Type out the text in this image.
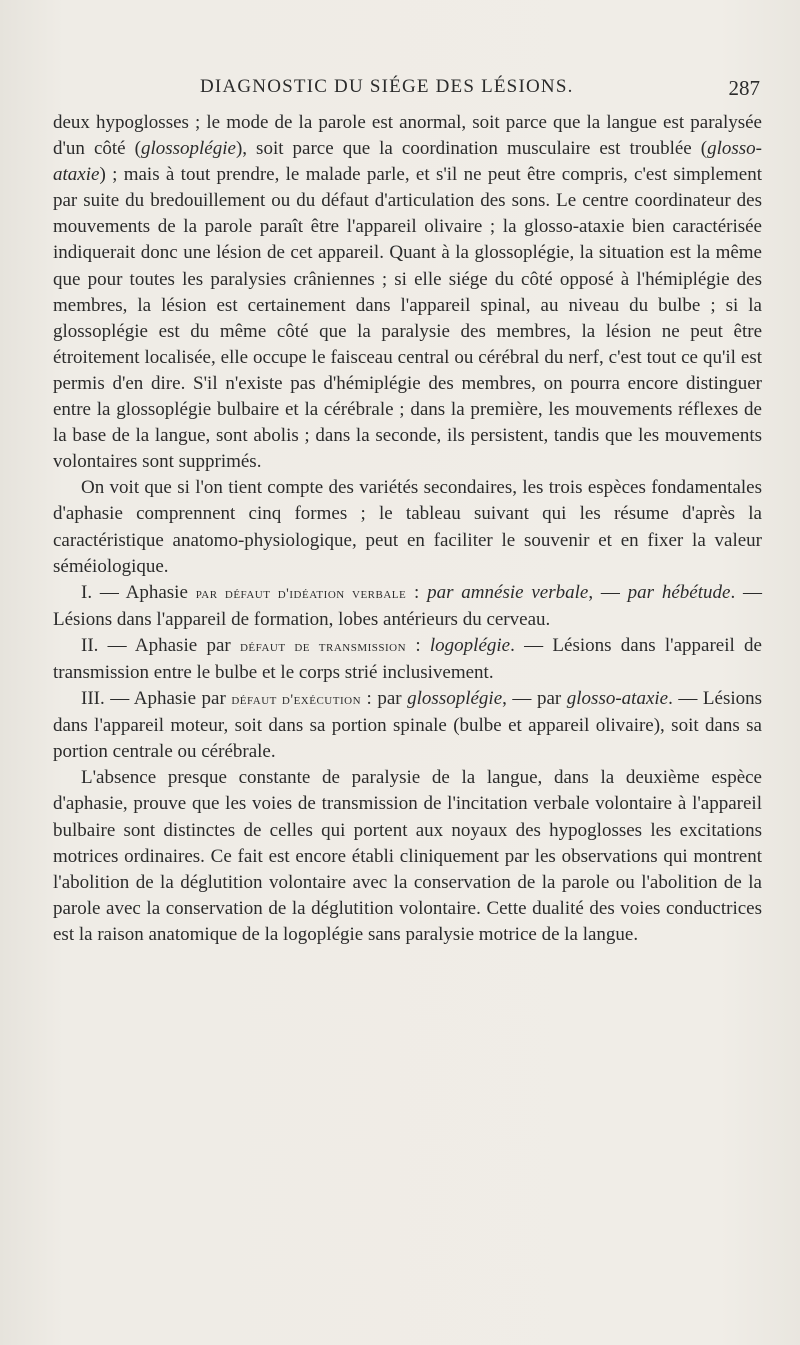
DIAGNOSTIC DU SIÉGE DES LÉSIONS.	287

deux hypoglosses ; le mode de la parole est anormal, soit parce que la langue est paralysée d'un côté (glossoplégie), soit parce que la coordination musculaire est troublée (glosso-ataxie) ; mais à tout prendre, le malade parle, et s'il ne peut être compris, c'est simplement par suite du bredouillement ou du défaut d'articulation des sons. Le centre coordinateur des mouvements de la parole paraît être l'appareil olivaire ; la glosso-ataxie bien caractérisée indiquerait donc une lésion de cet appareil. Quant à la glossoplégie, la situation est la même que pour toutes les paralysies crâniennes ; si elle siége du côté opposé à l'hémiplégie des membres, la lésion est certainement dans l'appareil spinal, au niveau du bulbe ; si la glossoplégie est du même côté que la paralysie des membres, la lésion ne peut être étroitement localisée, elle occupe le faisceau central ou cérébral du nerf, c'est tout ce qu'il est permis d'en dire. S'il n'existe pas d'hémiplégie des membres, on pourra encore distinguer entre la glossoplégie bulbaire et la cérébrale ; dans la première, les mouvements réflexes de la base de la langue, sont abolis ; dans la seconde, ils persistent, tandis que les mouvements volontaires sont supprimés.

On voit que si l'on tient compte des variétés secondaires, les trois espèces fondamentales d'aphasie comprennent cinq formes ; le tableau suivant qui les résume d'après la caractéristique anatomo-physiologique, peut en faciliter le souvenir et en fixer la valeur séméiologique.

I. — Aphasie par défaut d'idéation verbale : par amnésie verbale, — par hébétude. — Lésions dans l'appareil de formation, lobes antérieurs du cerveau.

II. — Aphasie par défaut de transmission : logoplégie. — Lésions dans l'appareil de transmission entre le bulbe et le corps strié inclusivement.

III. — Aphasie par défaut d'exécution : par glossoplégie, — par glosso-ataxie. — Lésions dans l'appareil moteur, soit dans sa portion spinale (bulbe et appareil olivaire), soit dans sa portion centrale ou cérébrale.

L'absence presque constante de paralysie de la langue, dans la deuxième espèce d'aphasie, prouve que les voies de transmission de l'incitation verbale volontaire à l'appareil bulbaire sont distinctes de celles qui portent aux noyaux des hypoglosses les excitations motrices ordinaires. Ce fait est encore établi cliniquement par les observations qui montrent l'abolition de la déglutition volontaire avec la conservation de la parole ou l'abolition de la parole avec la conservation de la déglutition volontaire. Cette dualité des voies conductrices est la raison anatomique de la logoplégie sans paralysie motrice de la langue.
